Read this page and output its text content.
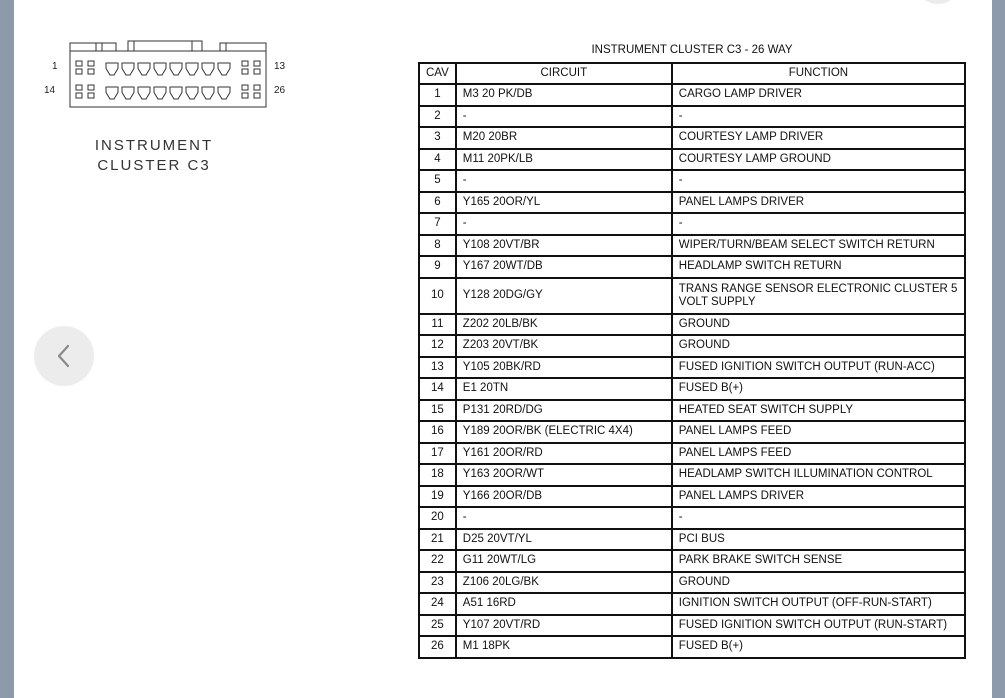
1
14
13
26
INSTRUMENT
CLUSTER C3
INSTRUMENT CLUSTER C3 - 26 WAY
CAV	CIRCUIT	FUNCTION
1	M3 20 PK/DB	CARGO LAMP DRIVER
2	-	-
3	M20 20BR	COURTESY LAMP DRIVER
4	M11 20PK/LB	COURTESY LAMP GROUND
5	-	-
6	Y165 20OR/YL	PANEL LAMPS DRIVER
7	-	-
8	Y108 20VT/BR	WIPER/TURN/BEAM SELECT SWITCH RETURN
9	Y167 20WT/DB	HEADLAMP SWITCH RETURN
10	Y128 20DG/GY	TRANS RANGE SENSOR ELECTRONIC CLUSTER 5 VOLT SUPPLY
11	Z202 20LB/BK	GROUND
12	Z203 20VT/BK	GROUND
13	Y105 20BK/RD	FUSED IGNITION SWITCH OUTPUT (RUN-ACC)
14	E1 20TN	FUSED B(+)
15	P131 20RD/DG	HEATED SEAT SWITCH SUPPLY
16	Y189 20OR/BK (ELECTRIC 4X4)	PANEL LAMPS FEED
17	Y161 20OR/RD	PANEL LAMPS FEED
18	Y163 20OR/WT	HEADLAMP SWITCH ILLUMINATION CONTROL
19	Y166 20OR/DB	PANEL LAMPS DRIVER
20	-	-
21	D25 20VT/YL	PCI BUS
22	G11 20WT/LG	PARK BRAKE SWITCH SENSE
23	Z106 20LG/BK	GROUND
24	A51 16RD	IGNITION SWITCH OUTPUT (OFF-RUN-START)
25	Y107 20VT/RD	FUSED IGNITION SWITCH OUTPUT (RUN-START)
26	M1 18PK	FUSED B(+)
